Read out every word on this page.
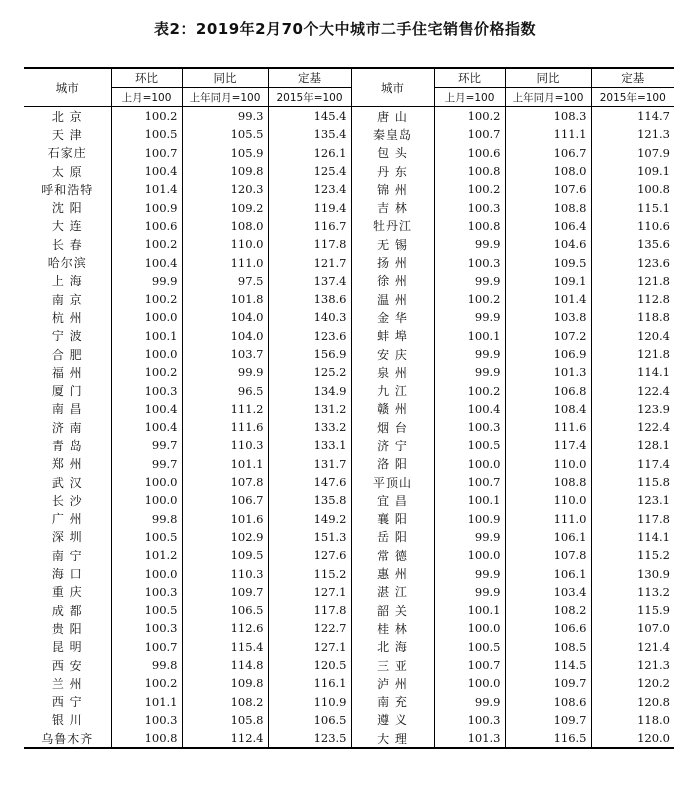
表2：2019年2月70个大中城市二手住宅销售价格指数
城市	环比	同比	定基	城市	环比	同比	定基
	上月=100	上年同月=100	2015年=100		上月=100	上年同月=100	2015年=100
北 京	100.2	99.3	145.4	唐 山	100.2	108.3	114.7
天 津	100.5	105.5	135.4	秦皇岛	100.7	111.1	121.3
石家庄	100.7	105.9	126.1	包 头	100.6	106.7	107.9
太 原	100.4	109.8	125.4	丹 东	100.8	108.0	109.1
呼和浩特	101.4	120.3	123.4	锦 州	100.2	107.6	100.8
沈 阳	100.9	109.2	119.4	吉 林	100.3	108.8	115.1
大 连	100.6	108.0	116.7	牡丹江	100.8	106.4	110.6
长 春	100.2	110.0	117.8	无 锡	99.9	104.6	135.6
哈尔滨	100.4	111.0	121.7	扬 州	100.3	109.5	123.6
上 海	99.9	97.5	137.4	徐 州	99.9	109.1	121.8
南 京	100.2	101.8	138.6	温 州	100.2	101.4	112.8
杭 州	100.0	104.0	140.3	金 华	99.9	103.8	118.8
宁 波	100.1	104.0	123.6	蚌 埠	100.1	107.2	120.4
合 肥	100.0	103.7	156.9	安 庆	99.9	106.9	121.8
福 州	100.2	99.9	125.2	泉 州	99.9	101.3	114.1
厦 门	100.3	96.5	134.9	九 江	100.2	106.8	122.4
南 昌	100.4	111.2	131.2	赣 州	100.4	108.4	123.9
济 南	100.4	111.6	133.2	烟 台	100.3	111.6	122.4
青 岛	99.7	110.3	133.1	济 宁	100.5	117.4	128.1
郑 州	99.7	101.1	131.7	洛 阳	100.0	110.0	117.4
武 汉	100.0	107.8	147.6	平顶山	100.7	108.8	115.8
长 沙	100.0	106.7	135.8	宜 昌	100.1	110.0	123.1
广 州	99.8	101.6	149.2	襄 阳	100.9	111.0	117.8
深 圳	100.5	102.9	151.3	岳 阳	99.9	106.1	114.1
南 宁	101.2	109.5	127.6	常 德	100.0	107.8	115.2
海 口	100.0	110.3	115.2	惠 州	99.9	106.1	130.9
重 庆	100.3	109.7	127.1	湛 江	99.9	103.4	113.2
成 都	100.5	106.5	117.8	韶 关	100.1	108.2	115.9
贵 阳	100.3	112.6	122.7	桂 林	100.0	106.6	107.0
昆 明	100.7	115.4	127.1	北 海	100.5	108.5	121.4
西 安	99.8	114.8	120.5	三 亚	100.7	114.5	121.3
兰 州	100.2	109.8	116.1	泸 州	100.0	109.7	120.2
西 宁	101.1	108.2	110.9	南 充	99.9	108.6	120.8
银 川	100.3	105.8	106.5	遵 义	100.3	109.7	118.0
乌鲁木齐	100.8	112.4	123.5	大 理	101.3	116.5	120.0
